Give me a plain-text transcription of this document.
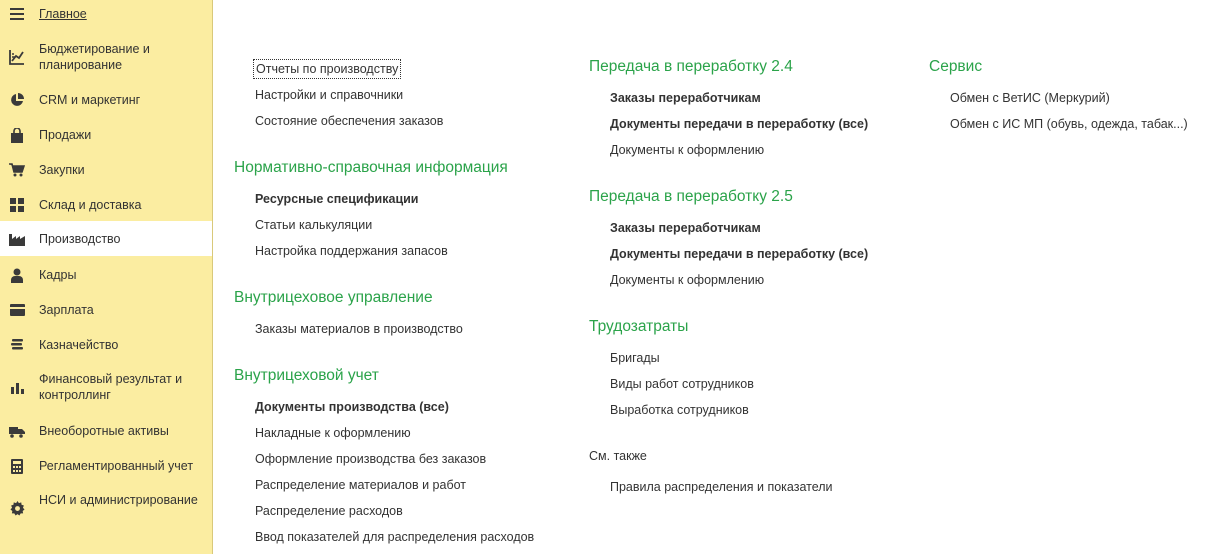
Главное
Бюджетирование и планирование
CRM и маркетинг
Продажи
Закупки
Склад и доставка
Производство
Кадры
Зарплата
Казначейство
Финансовый результат и контроллинг
Внеоборотные активы
Регламентированный учет
НСИ и администрирование
Отчеты по производству
Настройки и справочники
Состояние обеспечения заказов
Нормативно-справочная информация
Ресурсные спецификации
Статьи калькуляции
Настройка поддержания запасов
Внутрицеховое управление
Заказы материалов в производство
Внутрицеховой учет
Документы производства (все)
Накладные к оформлению
Оформление производства без заказов
Распределение материалов и работ
Распределение расходов
Ввод показателей для распределения расходов
Передача в переработку 2.4
Заказы переработчикам
Документы передачи в переработку (все)
Документы к оформлению
Передача в переработку 2.5
Заказы переработчикам
Документы передачи в переработку (все)
Документы к оформлению
Трудозатраты
Бригады
Виды работ сотрудников
Выработка сотрудников
См. также
Правила распределения и показатели
Сервис
Обмен с ВетИС (Меркурий)
Обмен с ИС МП (обувь, одежда, табак...)
